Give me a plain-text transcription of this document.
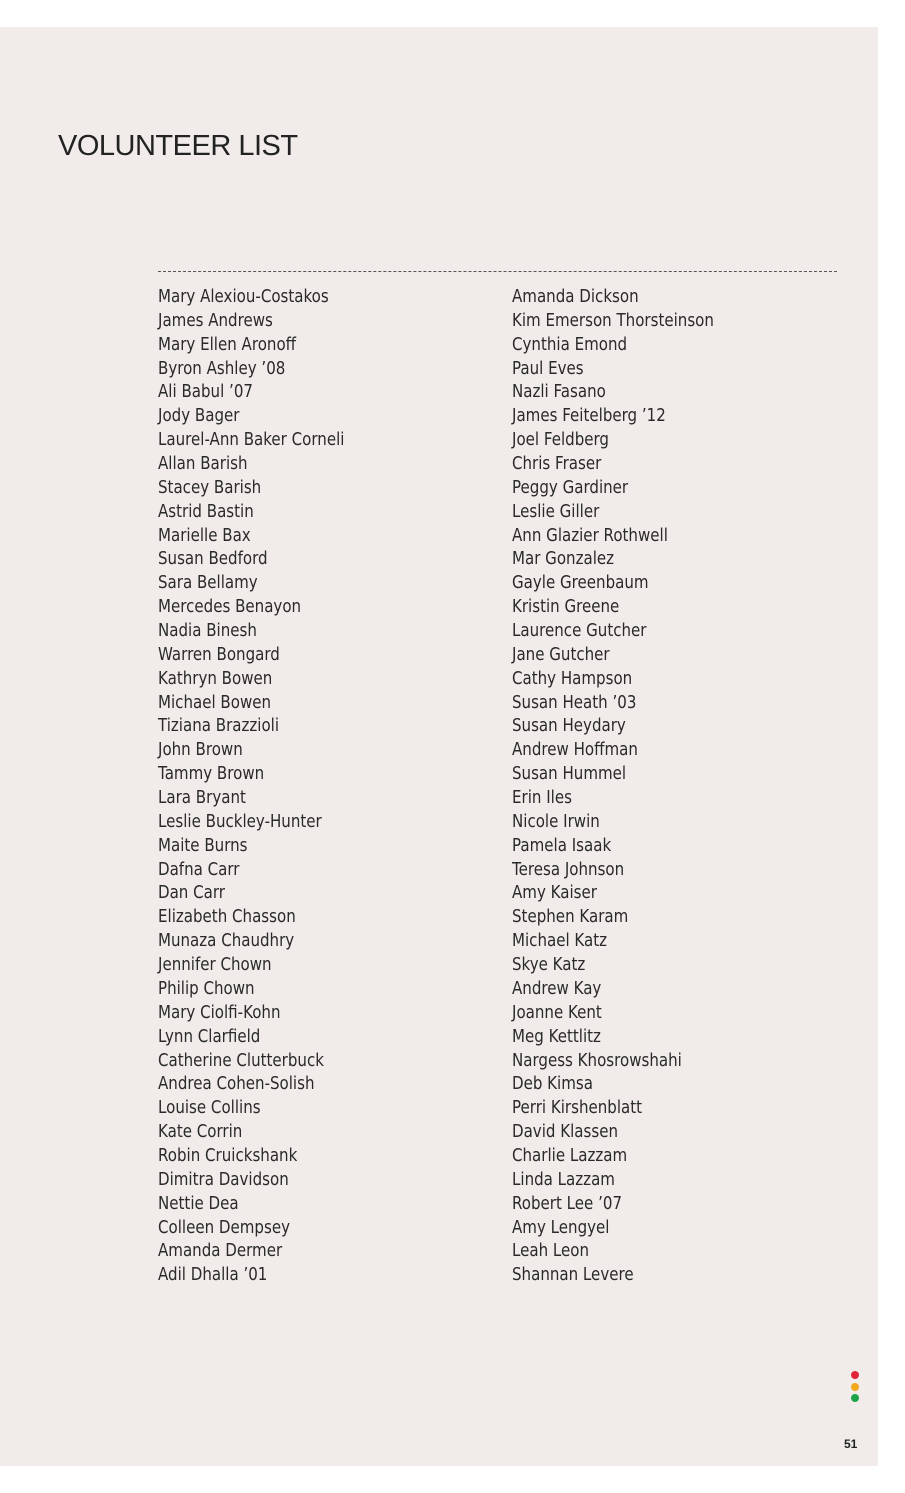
VOLUNTEER LIST
Mary Alexiou-Costakos
James Andrews
Mary Ellen Aronoff
Byron Ashley ’08
Ali Babul ’07
Jody Bager
Laurel-Ann Baker Corneli
Allan Barish
Stacey Barish
Astrid Bastin
Marielle Bax
Susan Bedford
Sara Bellamy
Mercedes Benayon
Nadia Binesh
Warren Bongard
Kathryn Bowen
Michael Bowen
Tiziana Brazzioli
John Brown
Tammy Brown
Lara Bryant
Leslie Buckley-Hunter
Maite Burns
Dafna Carr
Dan Carr
Elizabeth Chasson
Munaza Chaudhry
Jennifer Chown
Philip Chown
Mary Ciolfi-Kohn
Lynn Clarfield
Catherine Clutterbuck
Andrea Cohen-Solish
Louise Collins
Kate Corrin
Robin Cruickshank
Dimitra Davidson
Nettie Dea
Colleen Dempsey
Amanda Dermer
Adil Dhalla ’01
Amanda Dickson
Kim Emerson Thorsteinson
Cynthia Emond
Paul Eves
Nazli Fasano
James Feitelberg ’12
Joel Feldberg
Chris Fraser
Peggy Gardiner
Leslie Giller
Ann Glazier Rothwell
Mar Gonzalez
Gayle Greenbaum
Kristin Greene
Laurence Gutcher
Jane Gutcher
Cathy Hampson
Susan Heath ’03
Susan Heydary
Andrew Hoffman
Susan Hummel
Erin Iles
Nicole Irwin
Pamela Isaak
Teresa Johnson
Amy Kaiser
Stephen Karam
Michael Katz
Skye Katz
Andrew Kay
Joanne Kent
Meg Kettlitz
Nargess Khosrowshahi
Deb Kimsa
Perri Kirshenblatt
David Klassen
Charlie Lazzam
Linda Lazzam
Robert Lee ’07
Amy Lengyel
Leah Leon
Shannan Levere
51
